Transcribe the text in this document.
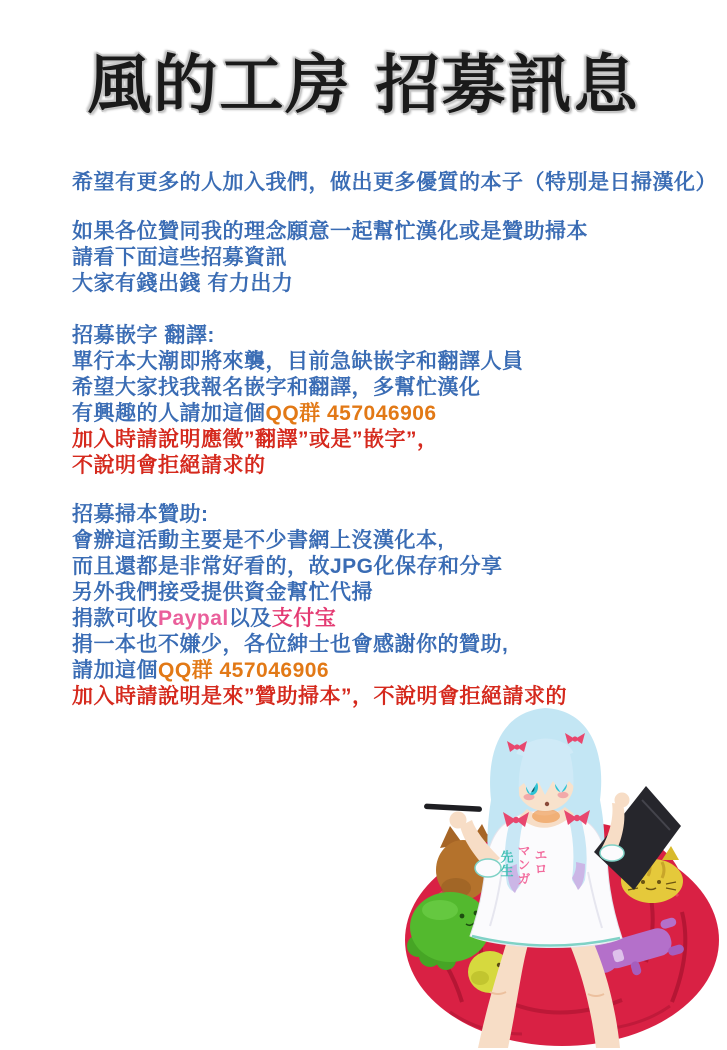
風的工房 招募訊息
希望有更多的人加入我們，做出更多優質的本子（特別是日掃漢化）
如果各位贊同我的理念願意一起幫忙漢化或是贊助掃本
請看下面這些招募資訊
大家有錢出錢 有力出力
招募嵌字 翻譯:
單行本大潮即將來襲，目前急缺嵌字和翻譯人員
希望大家找我報名嵌字和翻譯，多幫忙漢化
有興趣的人請加這個QQ群 457046906
加入時請說明應徵”翻譯”或是”嵌字”，
不說明會拒絕請求的
招募掃本贊助:
會辦這活動主要是不少書網上沒漢化本,
而且還都是非常好看的，故JPG化保存和分享
另外我們接受提供資金幫忙代掃
捐款可收Paypal以及支付宝
捐一本也不嫌少，各位紳士也會感謝你的贊助,
請加這個QQ群 457046906
加入時請說明是來”贊助掃本”，不說明會拒絕請求的
エロ
マンガ
先生
